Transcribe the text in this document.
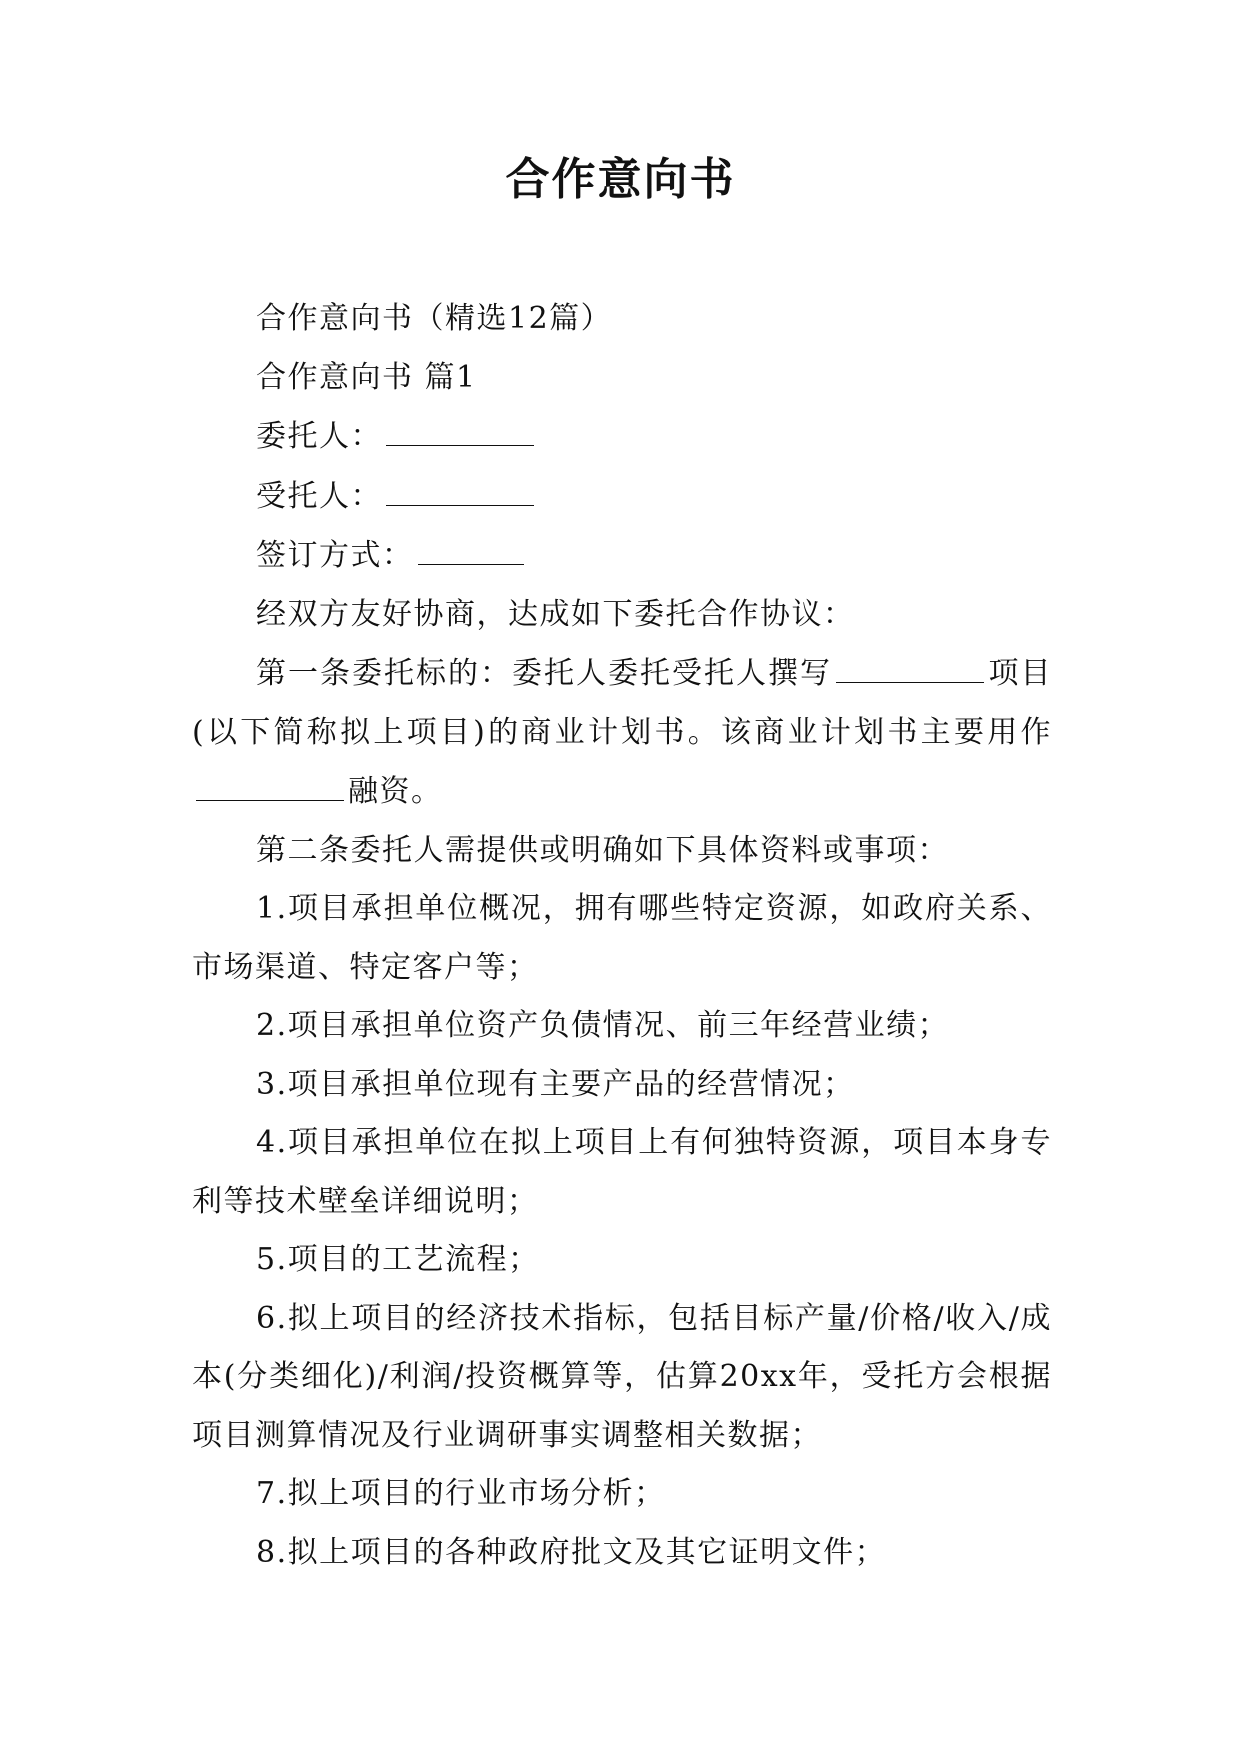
合作意向书

合作意向书（精选12篇）

合作意向书 篇1

委托人：

受托人：

签订方式：

经双方友好协商，达成如下委托合作协议：

第一条委托标的：委托人委托受托人撰写	项目(以下简称拟上项目)的商业计划书。该商业计划书主要用作融资。

第二条委托人需提供或明确如下具体资料或事项：

1.项目承担单位概况，拥有哪些特定资源，如政府关系、市场渠道、特定客户等；

2.项目承担单位资产负债情况、前三年经营业绩；

3.项目承担单位现有主要产品的经营情况；

4.项目承担单位在拟上项目上有何独特资源，项目本身专利等技术壁垒详细说明；

5.项目的工艺流程；

6.拟上项目的经济技术指标，包括目标产量/价格/收入/成本(分类细化)/利润/投资概算等，估算20xx年，受托方会根据项目测算情况及行业调研事实调整相关数据；

7.拟上项目的行业市场分析；

8.拟上项目的各种政府批文及其它证明文件；
